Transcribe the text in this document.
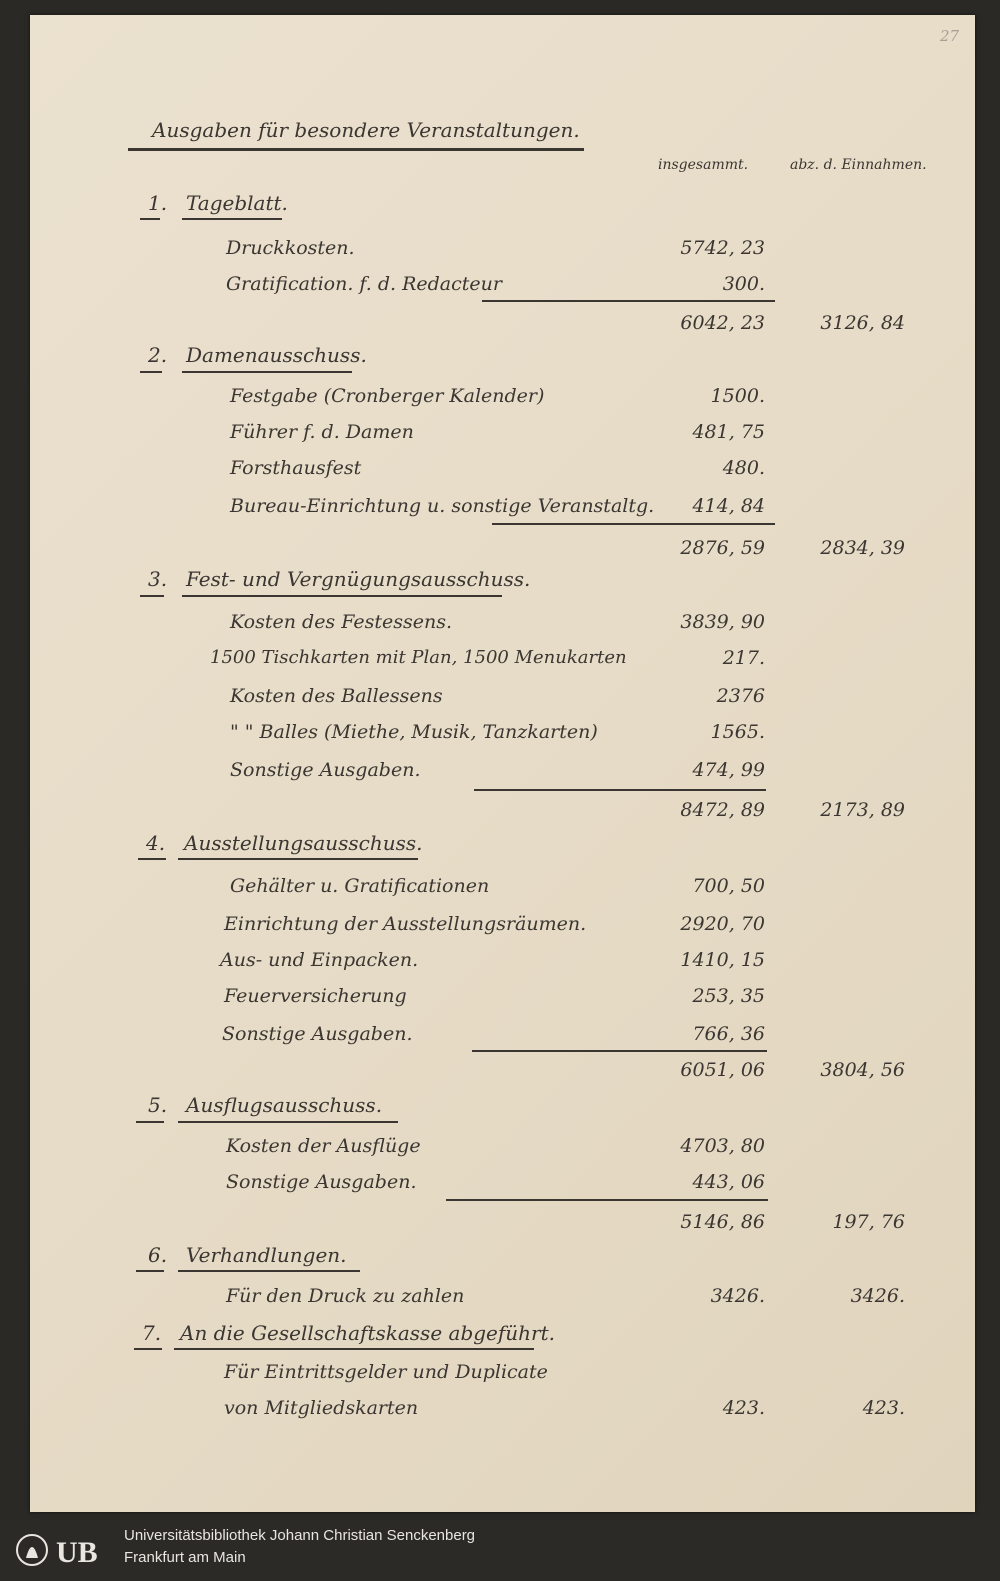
27
Ausgaben für besondere Veranstaltungen.
insgesammt.	abz. d. Einnahmen.
1. Tageblatt.
Druckkosten.	5742, 23
Gratification. f. d. Redacteur	300.
6042, 23	3126, 84
2. Damenausschuss.
Festgabe (Cronberger Kalender)	1500.
Führer f. d. Damen	481, 75
Forsthausfest	480.
Bureau-Einrichtung u. sonstige Veranstaltg.	414, 84
2876, 59	2834, 39
3. Fest- und Vergnügungsausschuss.
Kosten des Festessens.	3839, 90
1500 Tischkarten mit Plan, 1500 Menukarten	217.
Kosten des Ballessens	2376
" " Balles (Miethe, Musik, Tanzkarten)	1565.
Sonstige Ausgaben.	474, 99
8472, 89	2173, 89
4. Ausstellungsausschuss.
Gehälter u. Gratificationen	700, 50
Einrichtung der Ausstellungsräumen.	2920, 70
Aus- und Einpacken.	1410, 15
Feuerversicherung	253, 35
Sonstige Ausgaben.	766, 36
6051, 06	3804, 56
5. Ausflugsausschuss.
Kosten der Ausflüge	4703, 80
Sonstige Ausgaben.	443, 06
5146, 86	197, 76
6. Verhandlungen.
Für den Druck zu zahlen	3426.	3426.
7. An die Gesellschaftskasse abgeführt.
Für Eintrittsgelder und Duplicate
von Mitgliedskarten	423.	423.
UB
Universitätsbibliothek Johann Christian Senckenberg
Frankfurt am Main
